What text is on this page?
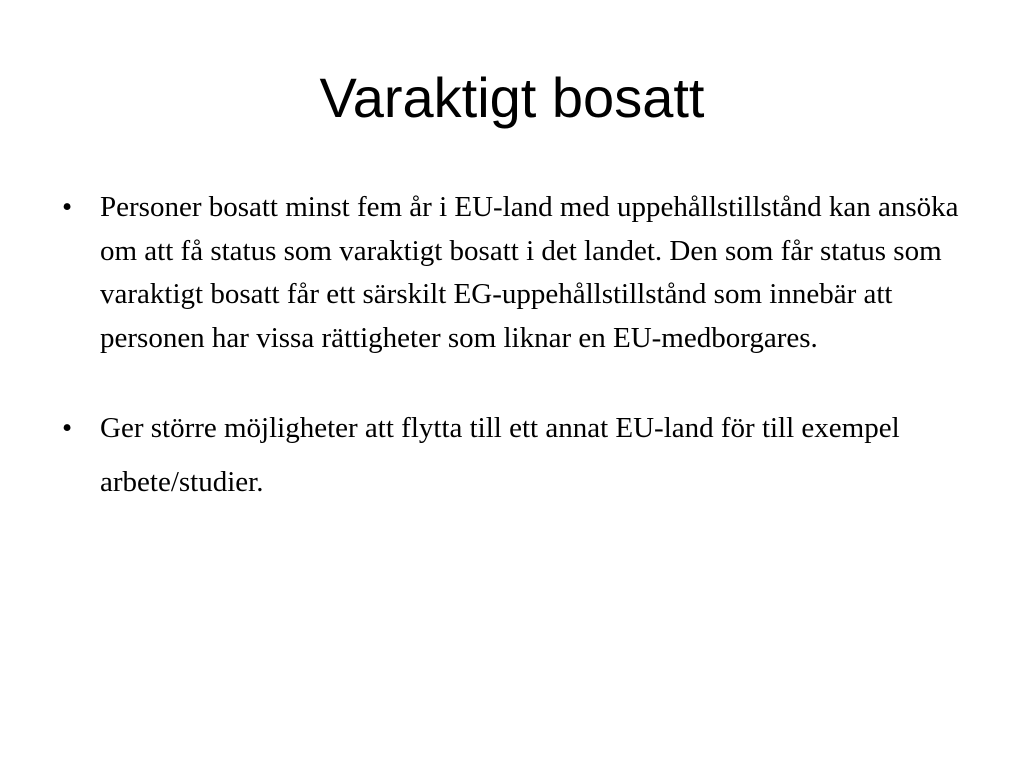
Varaktigt bosatt
• Personer bosatt minst fem år i EU-land med uppehållstillstånd kan ansöka om att få status som varaktigt bosatt i det landet. Den som får status som varaktigt bosatt får ett särskilt EG-uppehållstillstånd som innebär att personen har vissa rättigheter som liknar en EU-medborgares.
• Ger större möjligheter att flytta till ett annat EU-land för till exempel arbete/studier.
